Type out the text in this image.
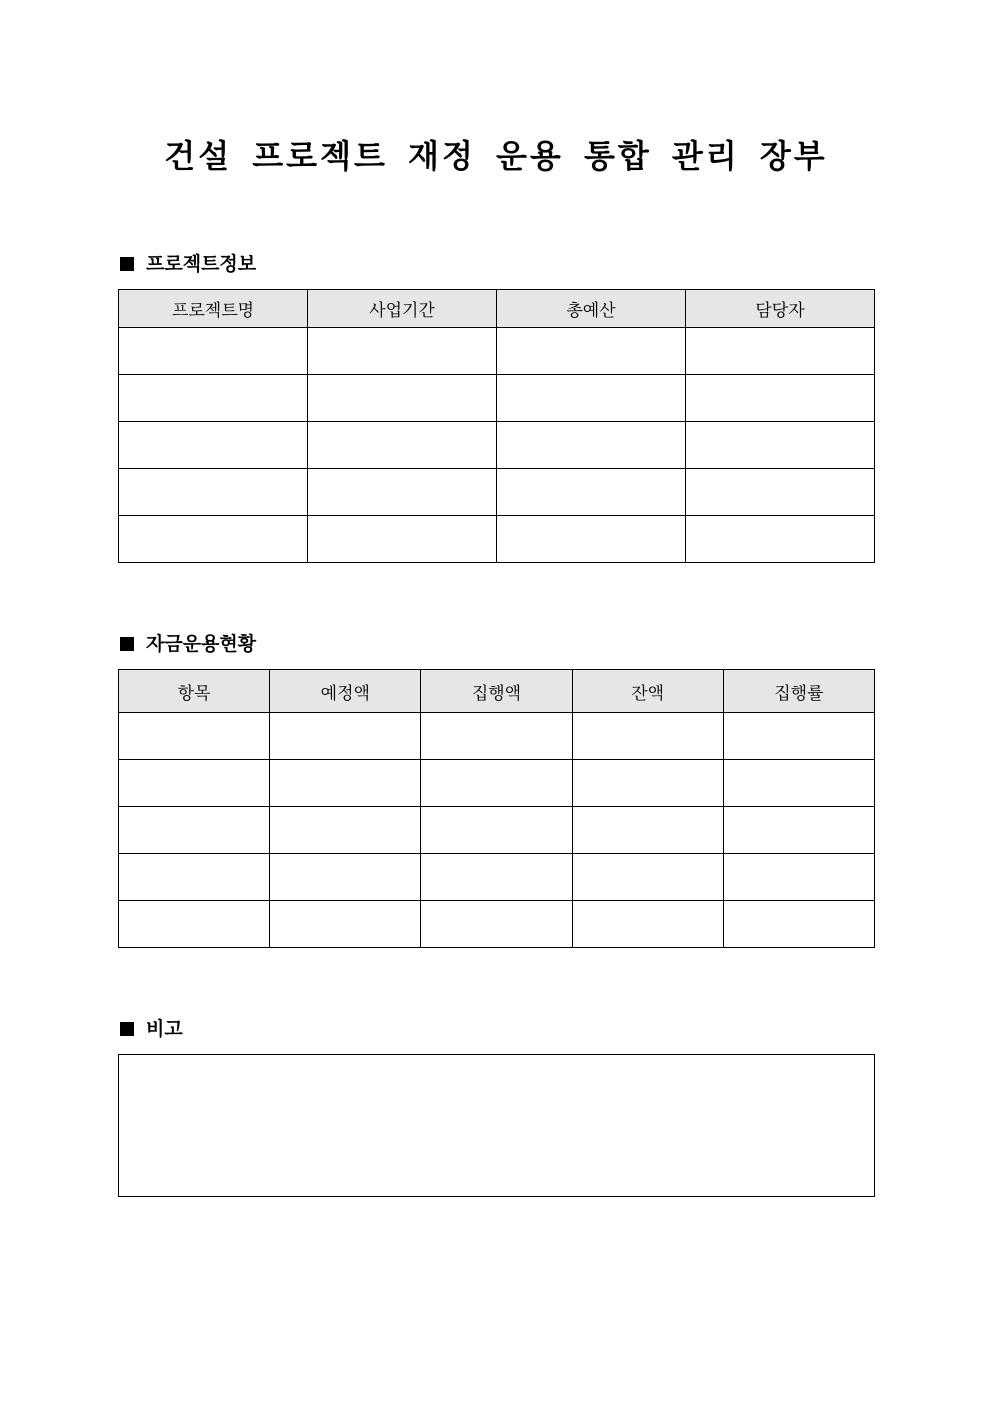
건설 프로젝트 재정 운용 통합 관리 장부
프로젝트정보
프로젝트명	사업기간	총예산	담당자

자금운용현황
항목	예정액	집행액	잔액	집행률

비고
